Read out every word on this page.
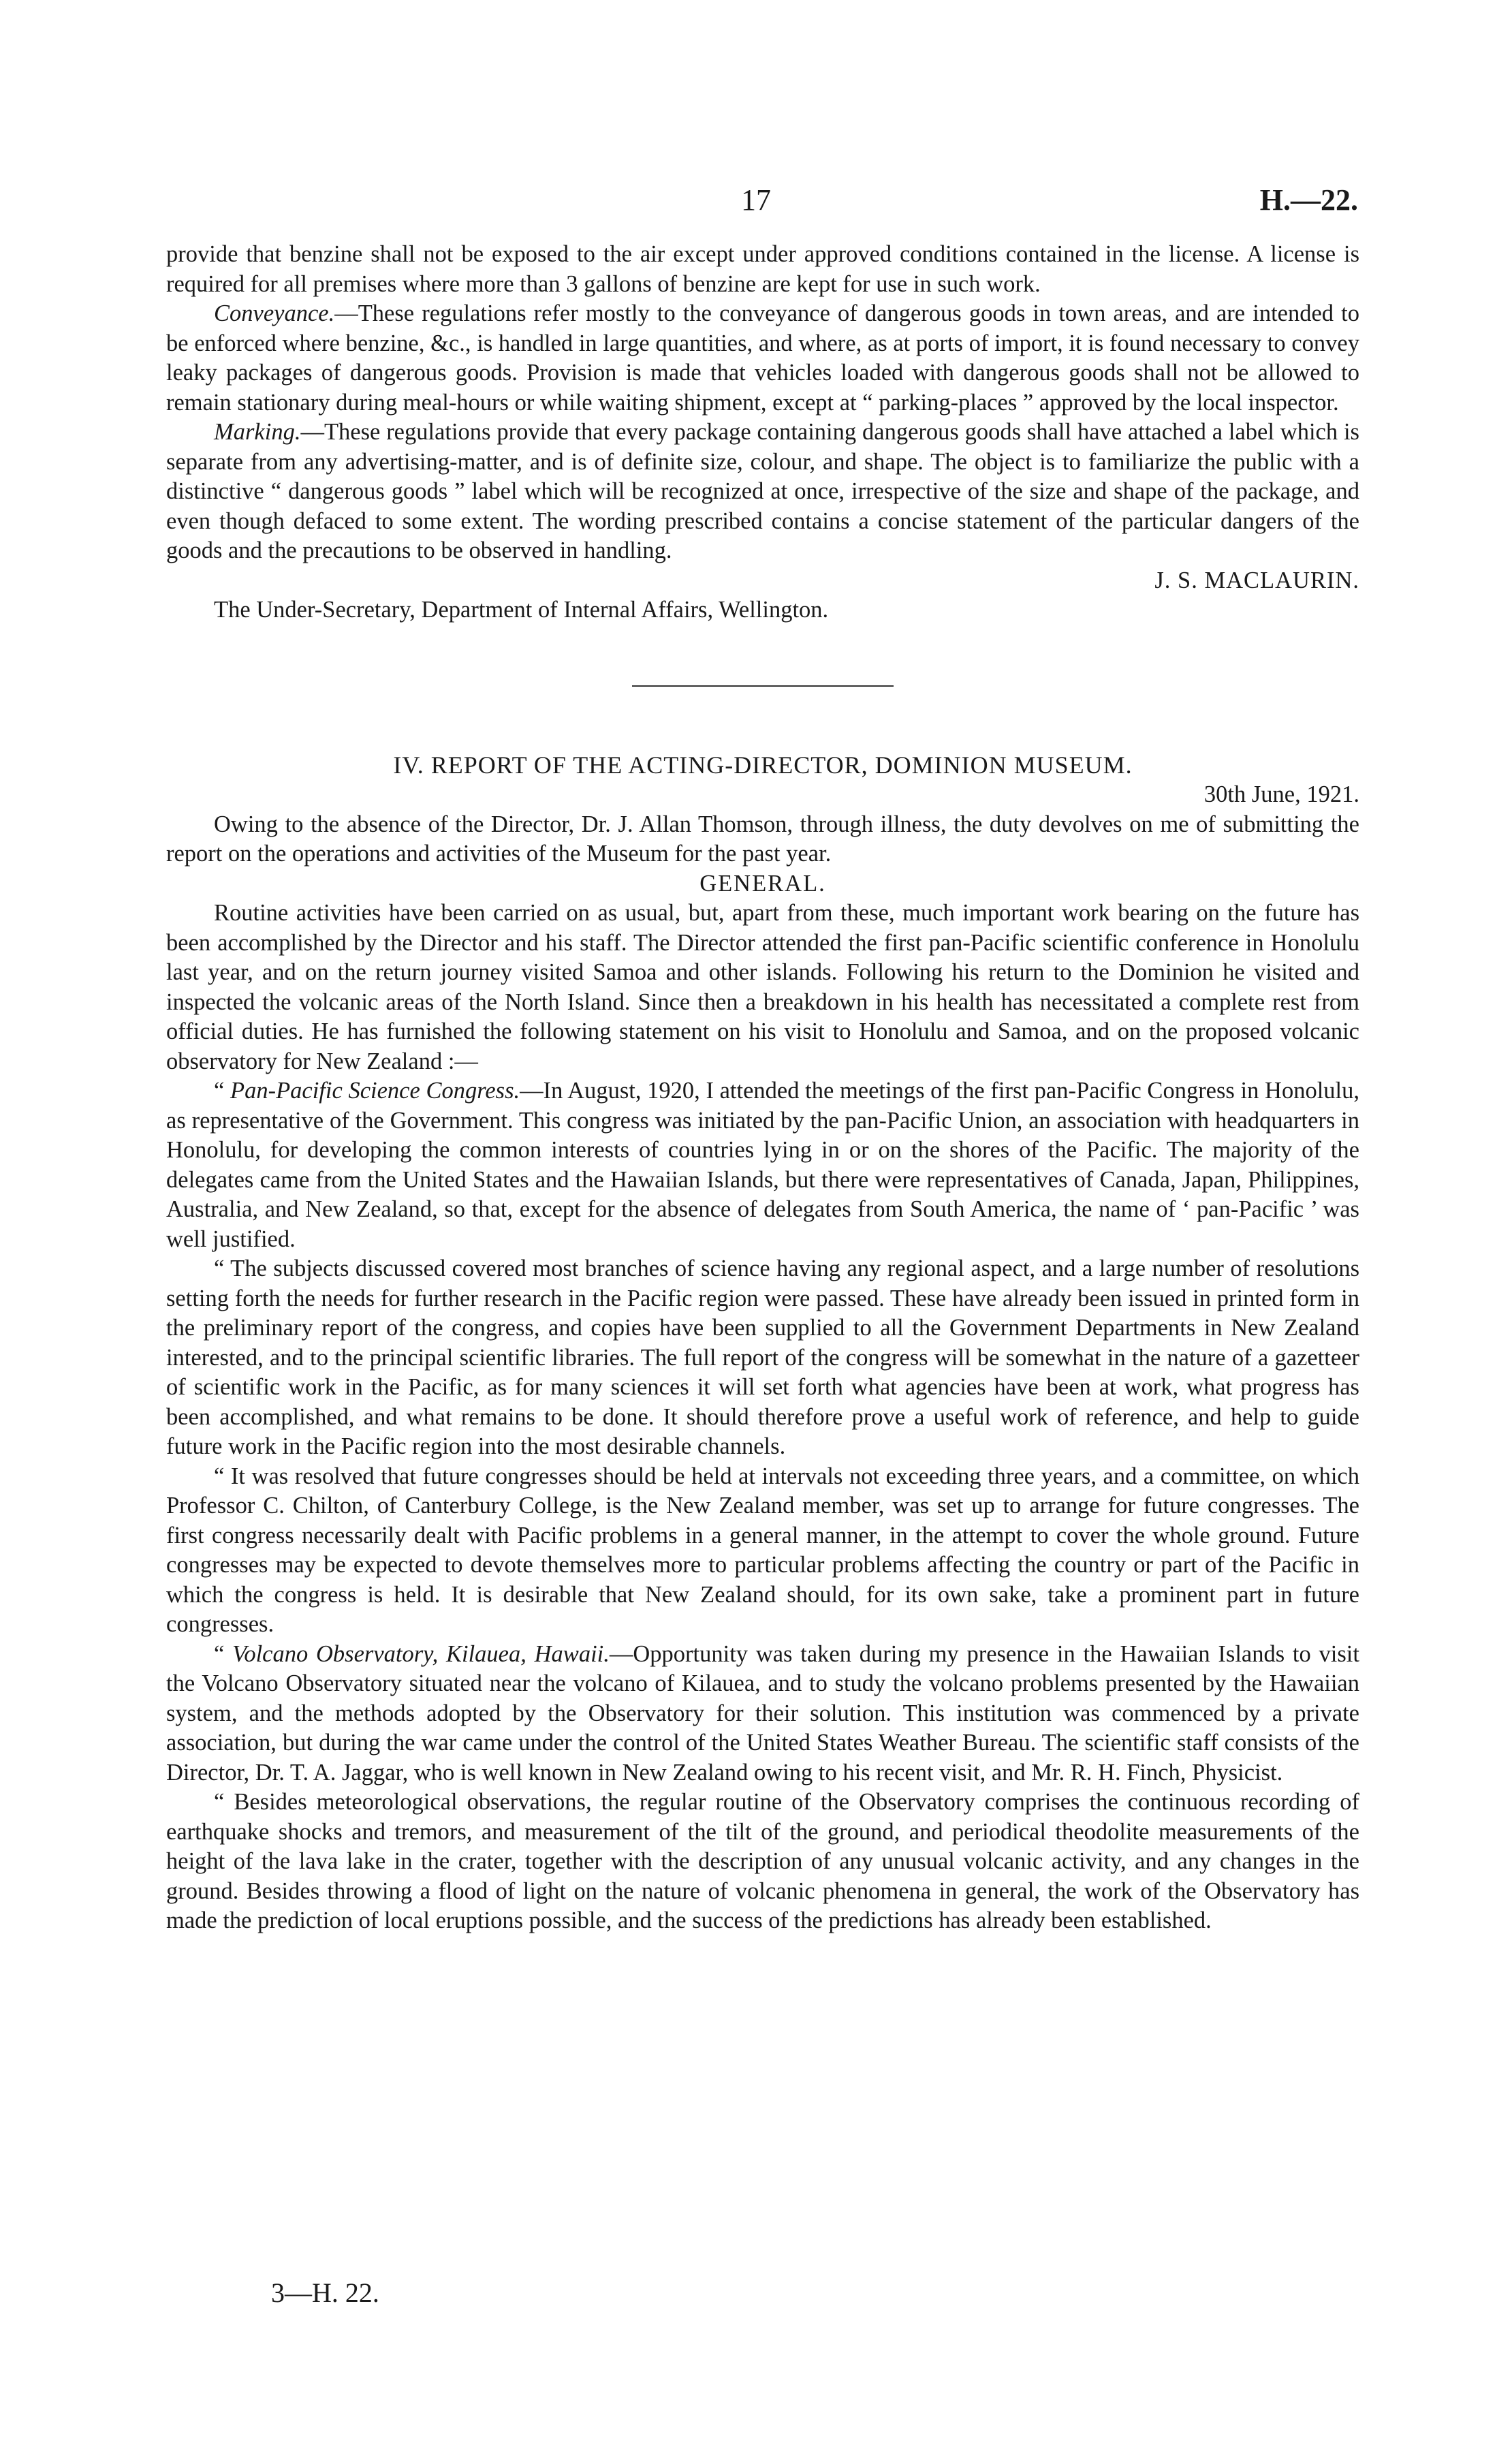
17	H.—22.

provide that benzine shall not be exposed to the air except under approved conditions contained in the license. A license is required for all premises where more than 3 gallons of benzine are kept for use in such work.

Conveyance.—These regulations refer mostly to the conveyance of dangerous goods in town areas, and are intended to be enforced where benzine, &c., is handled in large quantities, and where, as at ports of import, it is found necessary to convey leaky packages of dangerous goods. Provision is made that vehicles loaded with dangerous goods shall not be allowed to remain stationary during meal-hours or while waiting shipment, except at “ parking-places ” approved by the local inspector.

Marking.—These regulations provide that every package containing dangerous goods shall have attached a label which is separate from any advertising-matter, and is of definite size, colour, and shape. The object is to familiarize the public with a distinctive “ dangerous goods ” label which will be recognized at once, irrespective of the size and shape of the package, and even though defaced to some extent. The wording prescribed contains a concise statement of the particular dangers of the goods and the precautions to be observed in handling.

J. S. MACLAURIN.

The Under-Secretary, Department of Internal Affairs, Wellington.

IV. REPORT OF THE ACTING-DIRECTOR, DOMINION MUSEUM.

30th June, 1921.

Owing to the absence of the Director, Dr. J. Allan Thomson, through illness, the duty devolves on me of submitting the report on the operations and activities of the Museum for the past year.

GENERAL.

Routine activities have been carried on as usual, but, apart from these, much important work bearing on the future has been accomplished by the Director and his staff. The Director attended the first pan-Pacific scientific conference in Honolulu last year, and on the return journey visited Samoa and other islands. Following his return to the Dominion he visited and inspected the volcanic areas of the North Island. Since then a breakdown in his health has necessitated a complete rest from official duties. He has furnished the following statement on his visit to Honolulu and Samoa, and on the proposed volcanic observatory for New Zealand :—

“ Pan-Pacific Science Congress.—In August, 1920, I attended the meetings of the first pan-Pacific Congress in Honolulu, as representative of the Government. This congress was initiated by the pan-Pacific Union, an association with headquarters in Honolulu, for developing the common interests of countries lying in or on the shores of the Pacific. The majority of the delegates came from the United States and the Hawaiian Islands, but there were representatives of Canada, Japan, Philippines, Australia, and New Zealand, so that, except for the absence of delegates from South America, the name of ‘ pan-Pacific ’ was well justified.

“ The subjects discussed covered most branches of science having any regional aspect, and a large number of resolutions setting forth the needs for further research in the Pacific region were passed. These have already been issued in printed form in the preliminary report of the congress, and copies have been supplied to all the Government Departments in New Zealand interested, and to the principal scientific libraries. The full report of the congress will be somewhat in the nature of a gazetteer of scientific work in the Pacific, as for many sciences it will set forth what agencies have been at work, what progress has been accomplished, and what remains to be done. It should therefore prove a useful work of reference, and help to guide future work in the Pacific region into the most desirable channels.

“ It was resolved that future congresses should be held at intervals not exceeding three years, and a committee, on which Professor C. Chilton, of Canterbury College, is the New Zealand member, was set up to arrange for future congresses. The first congress necessarily dealt with Pacific problems in a general manner, in the attempt to cover the whole ground. Future congresses may be expected to devote themselves more to particular problems affecting the country or part of the Pacific in which the congress is held. It is desirable that New Zealand should, for its own sake, take a prominent part in future congresses.

“ Volcano Observatory, Kilauea, Hawaii.—Opportunity was taken during my presence in the Hawaiian Islands to visit the Volcano Observatory situated near the volcano of Kilauea, and to study the volcano problems presented by the Hawaiian system, and the methods adopted by the Observatory for their solution. This institution was commenced by a private association, but during the war came under the control of the United States Weather Bureau. The scientific staff consists of the Director, Dr. T. A. Jaggar, who is well known in New Zealand owing to his recent visit, and Mr. R. H. Finch, Physicist.

“ Besides meteorological observations, the regular routine of the Observatory comprises the continuous recording of earthquake shocks and tremors, and measurement of the tilt of the ground, and periodical theodolite measurements of the height of the lava lake in the crater, together with the description of any unusual volcanic activity, and any changes in the ground. Besides throwing a flood of light on the nature of volcanic phenomena in general, the work of the Observatory has made the prediction of local eruptions possible, and the success of the predictions has already been established.

3—H. 22.
